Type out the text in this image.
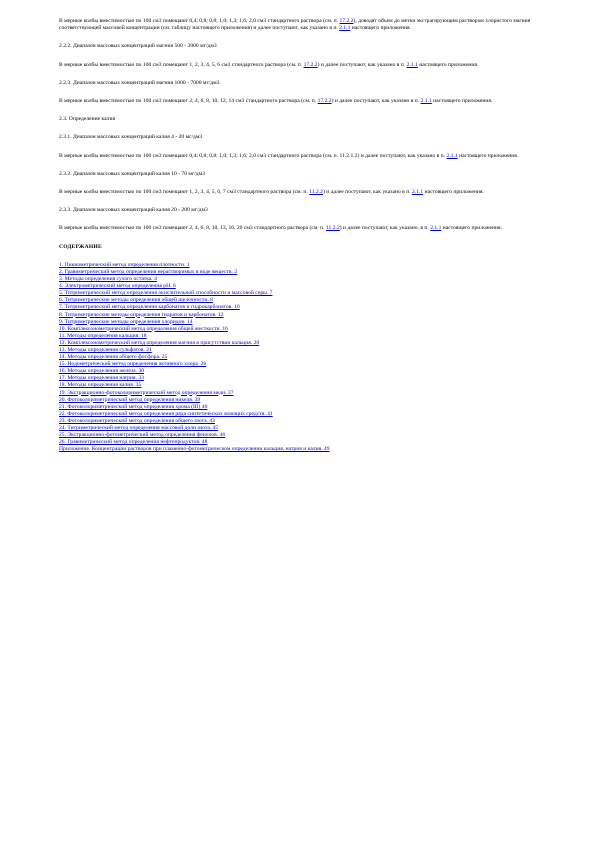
В мерные колбы вместимостью по 100 см3 помещают 0,4; 0,8; 0,8; 1,0; 1,3; 1,6; 2,0 см3 стандартного раствора (см. п. 17.2.2), доводят объем до метки экстрагирующим раствором хлористого магния соответствующей массовой концентрации (см. таблицу настоящего приложения) и далее поступают, как указано в п. 2.1.1 настоящего приложения.

2.2.2. Диапазон массовых концентраций магния 500 - 3000 мг/дм3

В мерные колбы вместимостью по 100 см3 помещают 1, 2, 3, 4, 5, 6 см3 стандартного раствора (см. п. 17.2.2) и далее поступают, как указано в п. 2.1.1 настоящего приложения.

2.2.3. Диапазон массовых концентраций магния 1000 - 7000 мг/дм3

В мерные колбы вместимостью по 100 см3 помещают 2, 4, 6, 8, 10, 12, 14 см3 стандартного раствора (см. п. 17.2.2) и далее поступают, как указано в п. 2.1.1 настоящего приложения.

2.3. Определение калия

2.3.1. Диапазон массовых концентраций калия 4 - 20 мг/дм3

В мерные колбы вместимостью по 100 см3 помещают 0,4; 0,8; 0,8; 1,0; 1,3; 1,6; 2,0 см3 стандартного раствора (см. п. 11.2.1.2) и далее поступают, как указано в п. 2.1.1 настоящего приложения.

2.3.2. Диапазон массовых концентраций калия 10 - 70 мг/дм3

В мерные колбы вместимостью по 100 см3 помещают 1, 2, 3, 4, 5, 6, 7 см3 стандартного раствора (см. п. 11.2.2) и далее поступают, как указано в п. 2.1.1 настоящего приложения.

2.3.3. Диапазон массовых концентраций калия 20 - 200 мг/дм3

В мерные колбы вместимостью по 100 см3 помещают 2, 4, 6, 8, 10, 13, 16, 20 см3 стандартного раствора (см. п. 11.2.2) и далее поступают, как указано, в п. 2.1.1 настоящего приложения.

СОДЕРЖАНИЕ

1. Пикнометрический метод определения плотности. 1
2. Гравиметрический метод определения нерастворимых в воде веществ. 2
3. Методы определения сухого остатка. 4
4. Электрометрический метод определения рН. 6
5. Титриметрический метод определения окислительной способности и массовой серы. 7
6. Титриметрические методы определения общей щелочности. 8
7. Титриметрический метод определения карбонатов и гидрокарбонатов. 10
8. Титриметрические методы определения гидратов и карбонатов. 12
9. Титриметрические методы определения хлоридов. 14
10. Комплексонометрический метод определения общей жесткости. 16
11. Методы определения кальция. 18
12. Комплексонометрический метод определения магния в присутствии кальция. 20
13. Методы определения сульфатов. 21
14. Методы определения общего фосфора. 25
15. Иодометрический метод определения активного хлора. 26
16. Методы определения железа. 30
17. Методы определения натрия. 33
18. Методы определения калия. 35
19. Экстракционно-фотоколориметрический метод определения меди. 37
20. Фотоколориметрический метод определения никеля. 39
21. Фотоколориметрический метод определения хрома (III) 40
22. Фотоколориметрический метод определения ряда синтетических моющих средств. 41
23. Фотоколориметрический метод определения общего азота. 43
24. Титриметрический метод определения массовой доли азота. 45
25. Экстракционно-фотометрический метод определения фенолов. 46
26. Гравиметрический метод определения нефтепродуктов. 48
Приложение. Концентрации растворов при пламенно-фотометрическом определении кальция, натрия и калия. 49
